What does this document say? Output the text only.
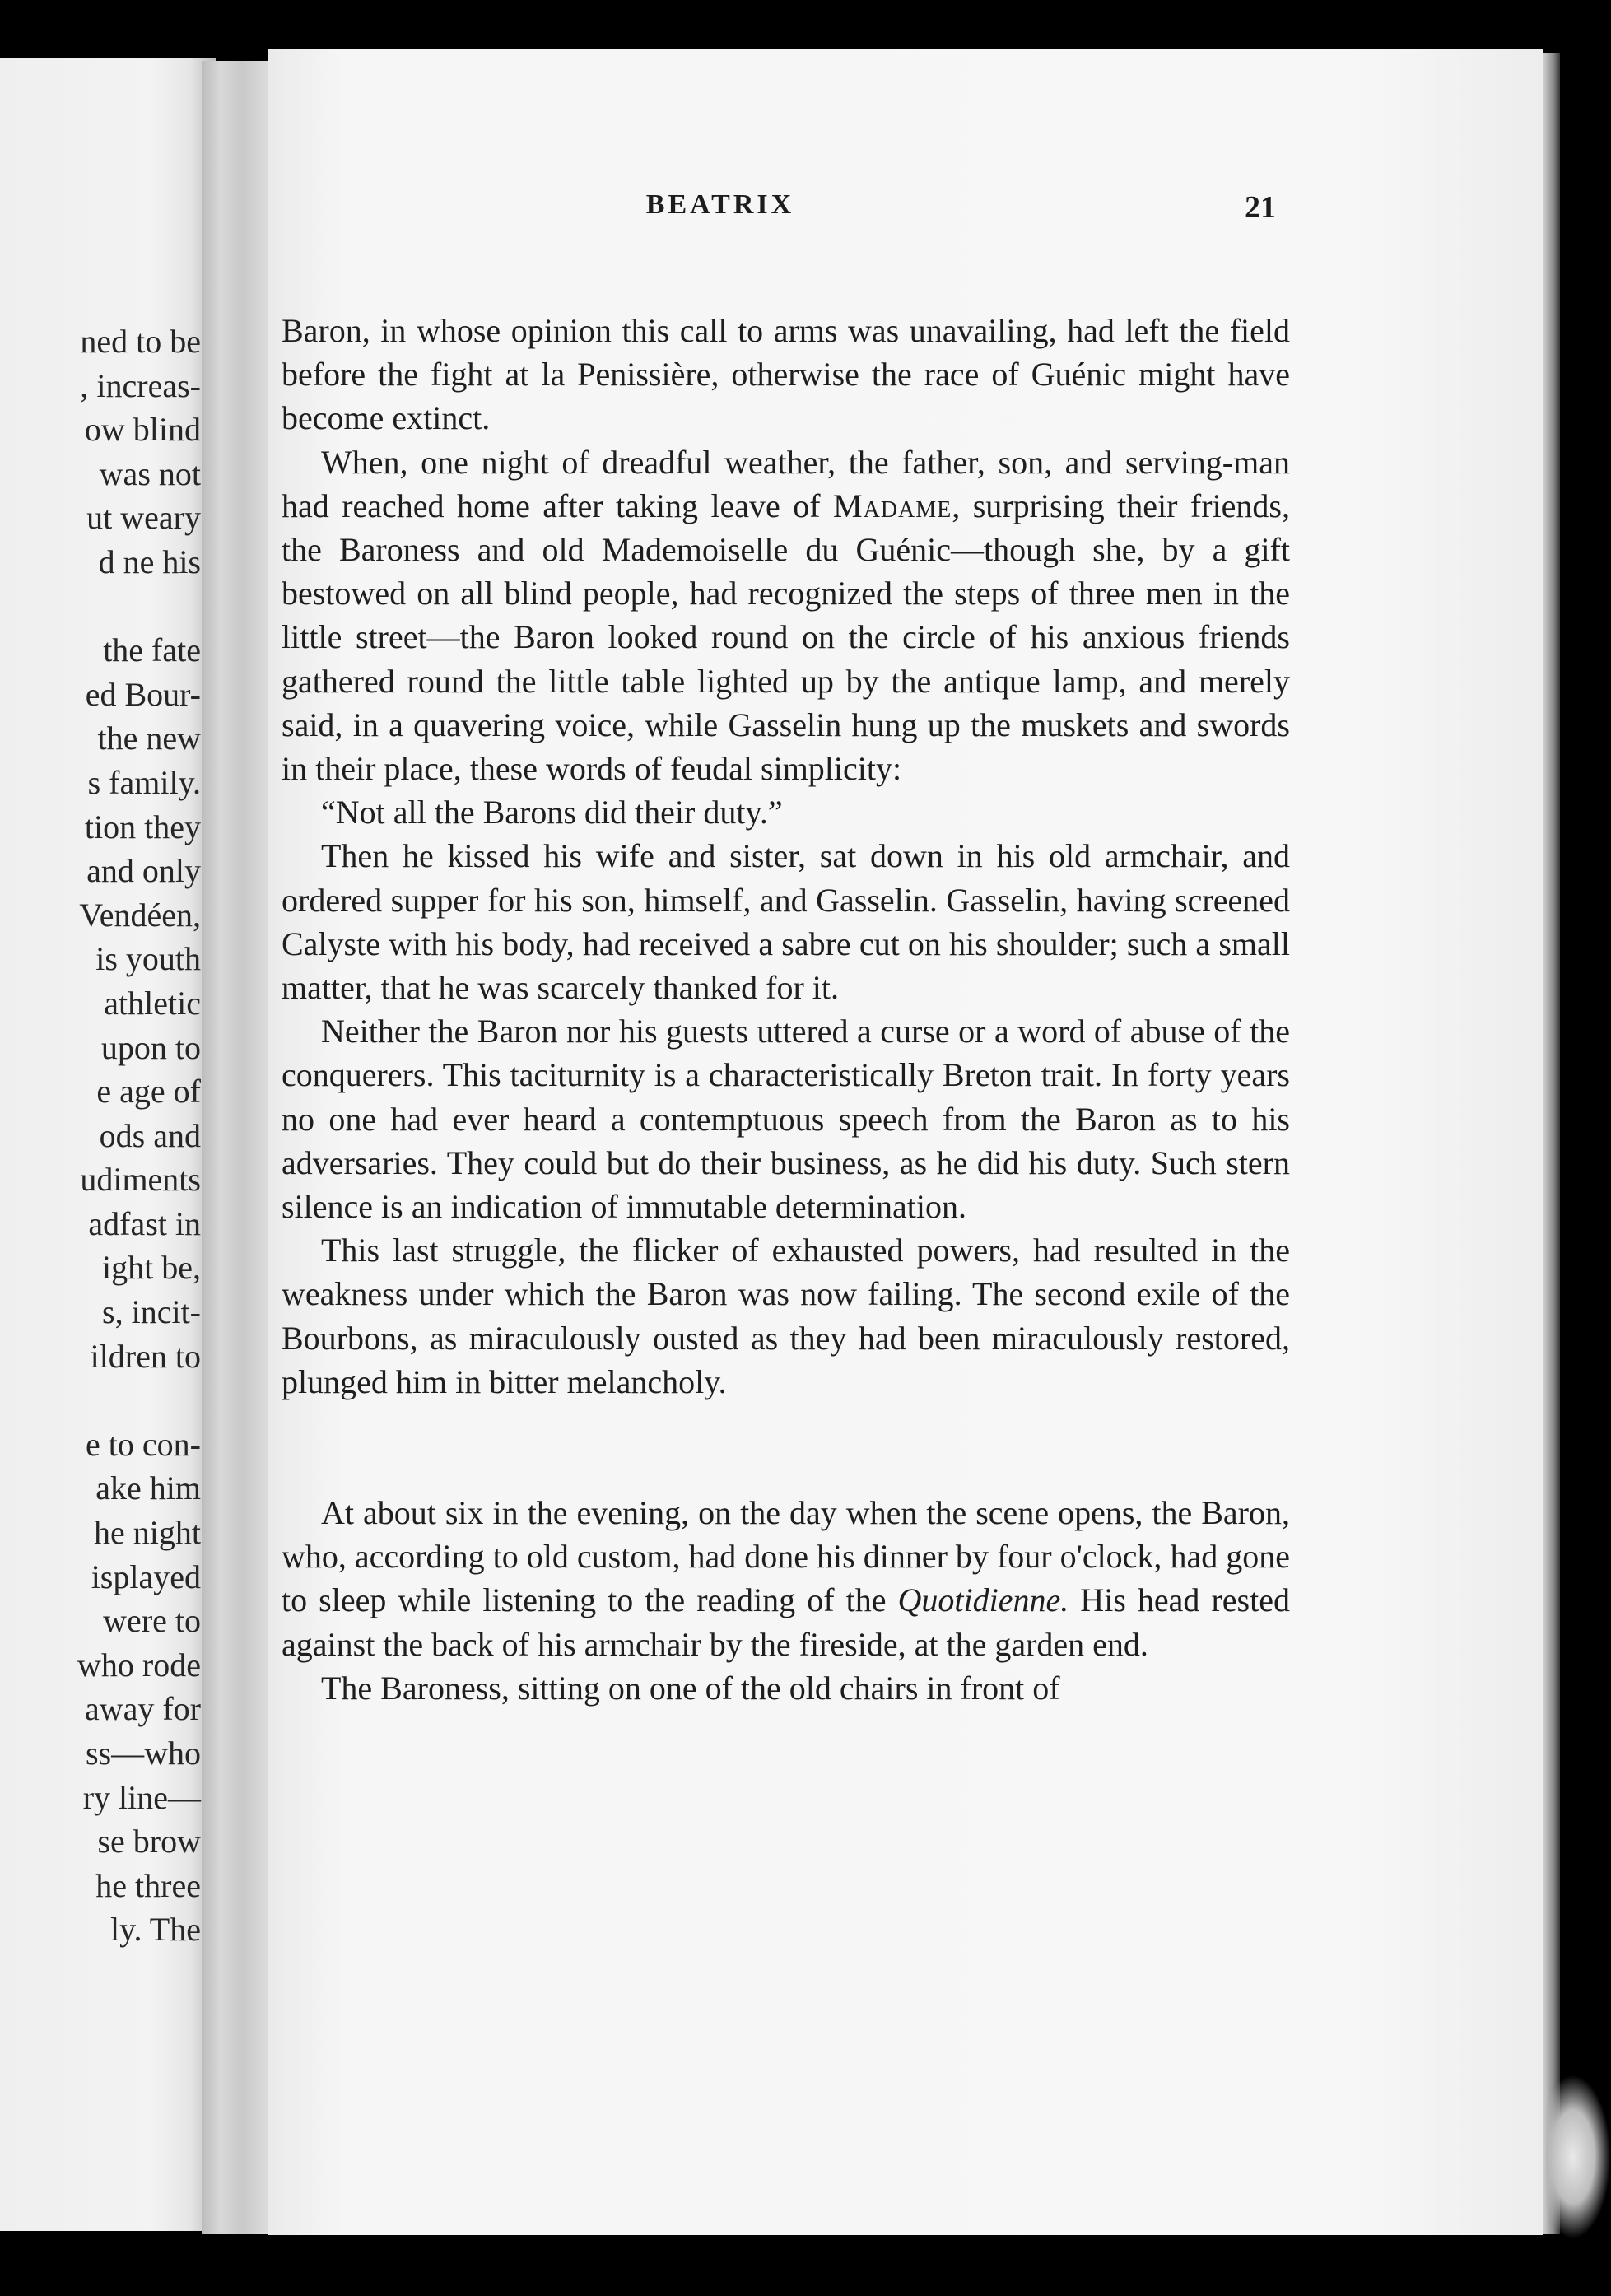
ned to be
, increas-
ow blind
was not
ut weary
d ne his

the fate
ed Bour-
the new
s family.
tion they
and only
Vendéen,
is youth
athletic
upon to
e age of
ods and
udiments
adfast in
ight be,
s, incit-
ildren to

e to con-
ake him
he night
isplayed
were to
who rode
away for
ss—who
ry line—
se brow
he three
ly. The
BEATRIX	21

Baron, in whose opinion this call to arms was unavailing, had left the field before the fight at la Penissière, otherwise the race of Guénic might have become extinct.

When, one night of dreadful weather, the father, son, and serving-man had reached home after taking leave of Madame, surprising their friends, the Baroness and old Mademoiselle du Guénic—though she, by a gift bestowed on all blind people, had recognized the steps of three men in the little street—the Baron looked round on the circle of his anxious friends gathered round the little table lighted up by the antique lamp, and merely said, in a quavering voice, while Gasselin hung up the muskets and swords in their place, these words of feudal simplicity:

“Not all the Barons did their duty.”

Then he kissed his wife and sister, sat down in his old armchair, and ordered supper for his son, himself, and Gasselin. Gasselin, having screened Calyste with his body, had received a sabre cut on his shoulder; such a small matter, that he was scarcely thanked for it.

Neither the Baron nor his guests uttered a curse or a word of abuse of the conquerers. This taciturnity is a characteristically Breton trait. In forty years no one had ever heard a contemptuous speech from the Baron as to his adversaries. They could but do their business, as he did his duty. Such stern silence is an indication of immutable determination.

This last struggle, the flicker of exhausted powers, had resulted in the weakness under which the Baron was now failing. The second exile of the Bourbons, as miraculously ousted as they had been miraculously restored, plunged him in bitter melancholy.

At about six in the evening, on the day when the scene opens, the Baron, who, according to old custom, had done his dinner by four o'clock, had gone to sleep while listening to the reading of the Quotidienne. His head rested against the back of his armchair by the fireside, at the garden end.

The Baroness, sitting on one of the old chairs in front of
